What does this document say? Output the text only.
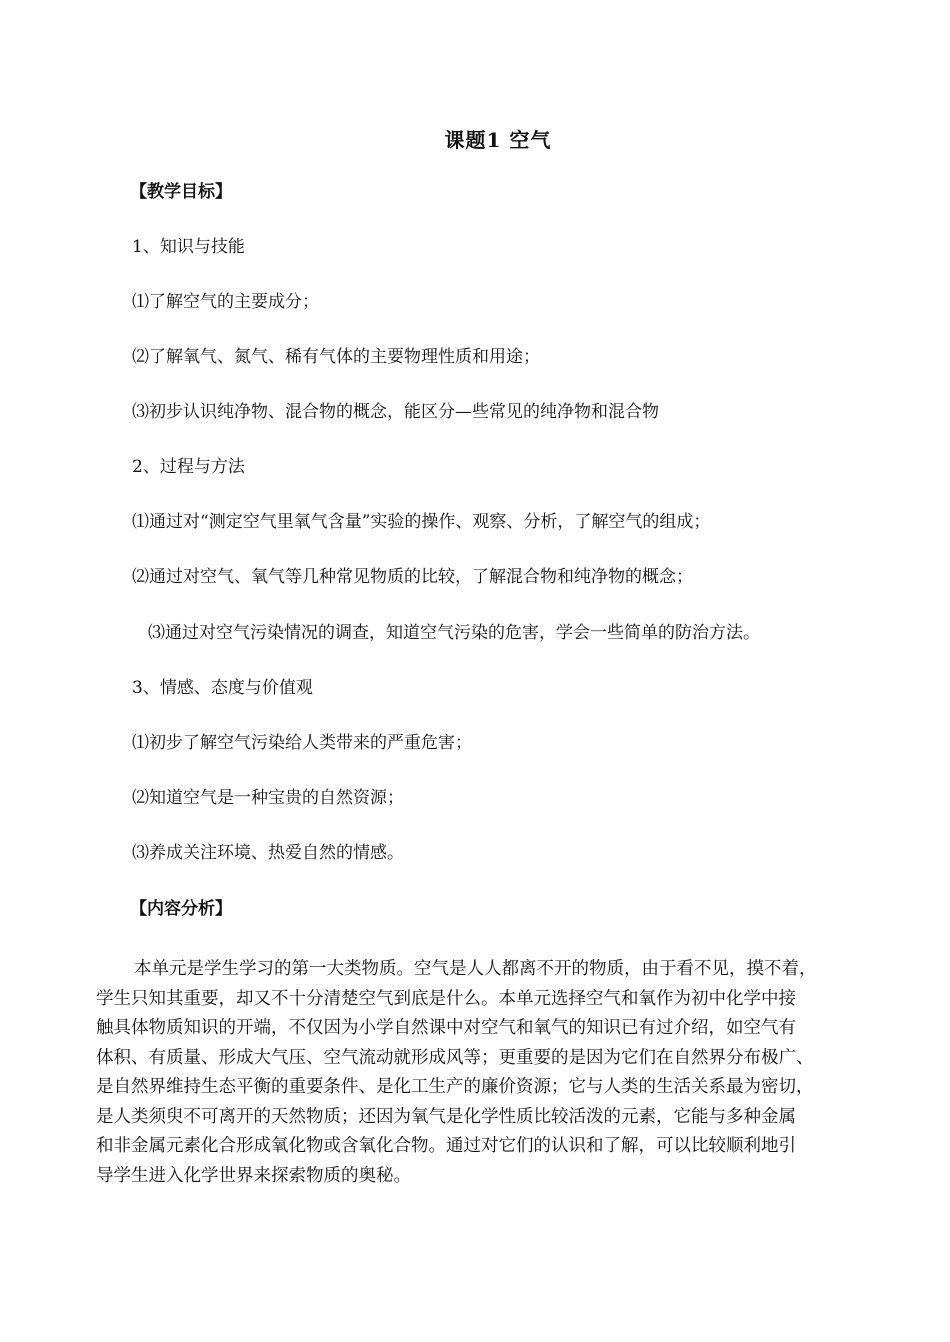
课题1 空气
【教学目标】
1、知识与技能
⑴了解空气的主要成分；
⑵了解氧气、氮气、稀有气体的主要物理性质和用途；
⑶初步认识纯净物、混合物的概念，能区分—些常见的纯净物和混合物
2、过程与方法
⑴通过对“测定空气里氧气含量”实验的操作、观察、分析，了解空气的组成；
⑵通过对空气、氧气等几种常见物质的比较，了解混合物和纯净物的概念；
⑶通过对空气污染情况的调查，知道空气污染的危害，学会一些简单的防治方法。
3、情感、态度与价值观
⑴初步了解空气污染给人类带来的严重危害；
⑵知道空气是一种宝贵的自然资源；
⑶养成关注环境、热爱自然的情感。
【内容分析】

本单元是学生学习的第一大类物质。空气是人人都离不开的物质，由于看不见，摸不着，

学生只知其重要，却又不十分清楚空气到底是什么。本单元选择空气和氧作为初中化学中接

触具体物质知识的开端，不仅因为小学自然课中对空气和氧气的知识已有过介绍，如空气有

体积、有质量、形成大气压、空气流动就形成风等；更重要的是因为它们在自然界分布极广、

是自然界维持生态平衡的重要条件、是化工生产的廉价资源；它与人类的生活关系最为密切，

是人类须臾不可离开的天然物质；还因为氧气是化学性质比较活泼的元素，它能与多种金属

和非金属元素化合形成氧化物或含氧化合物。通过对它们的认识和了解，可以比较顺利地引

导学生进入化学世界来探索物质的奥秘。
